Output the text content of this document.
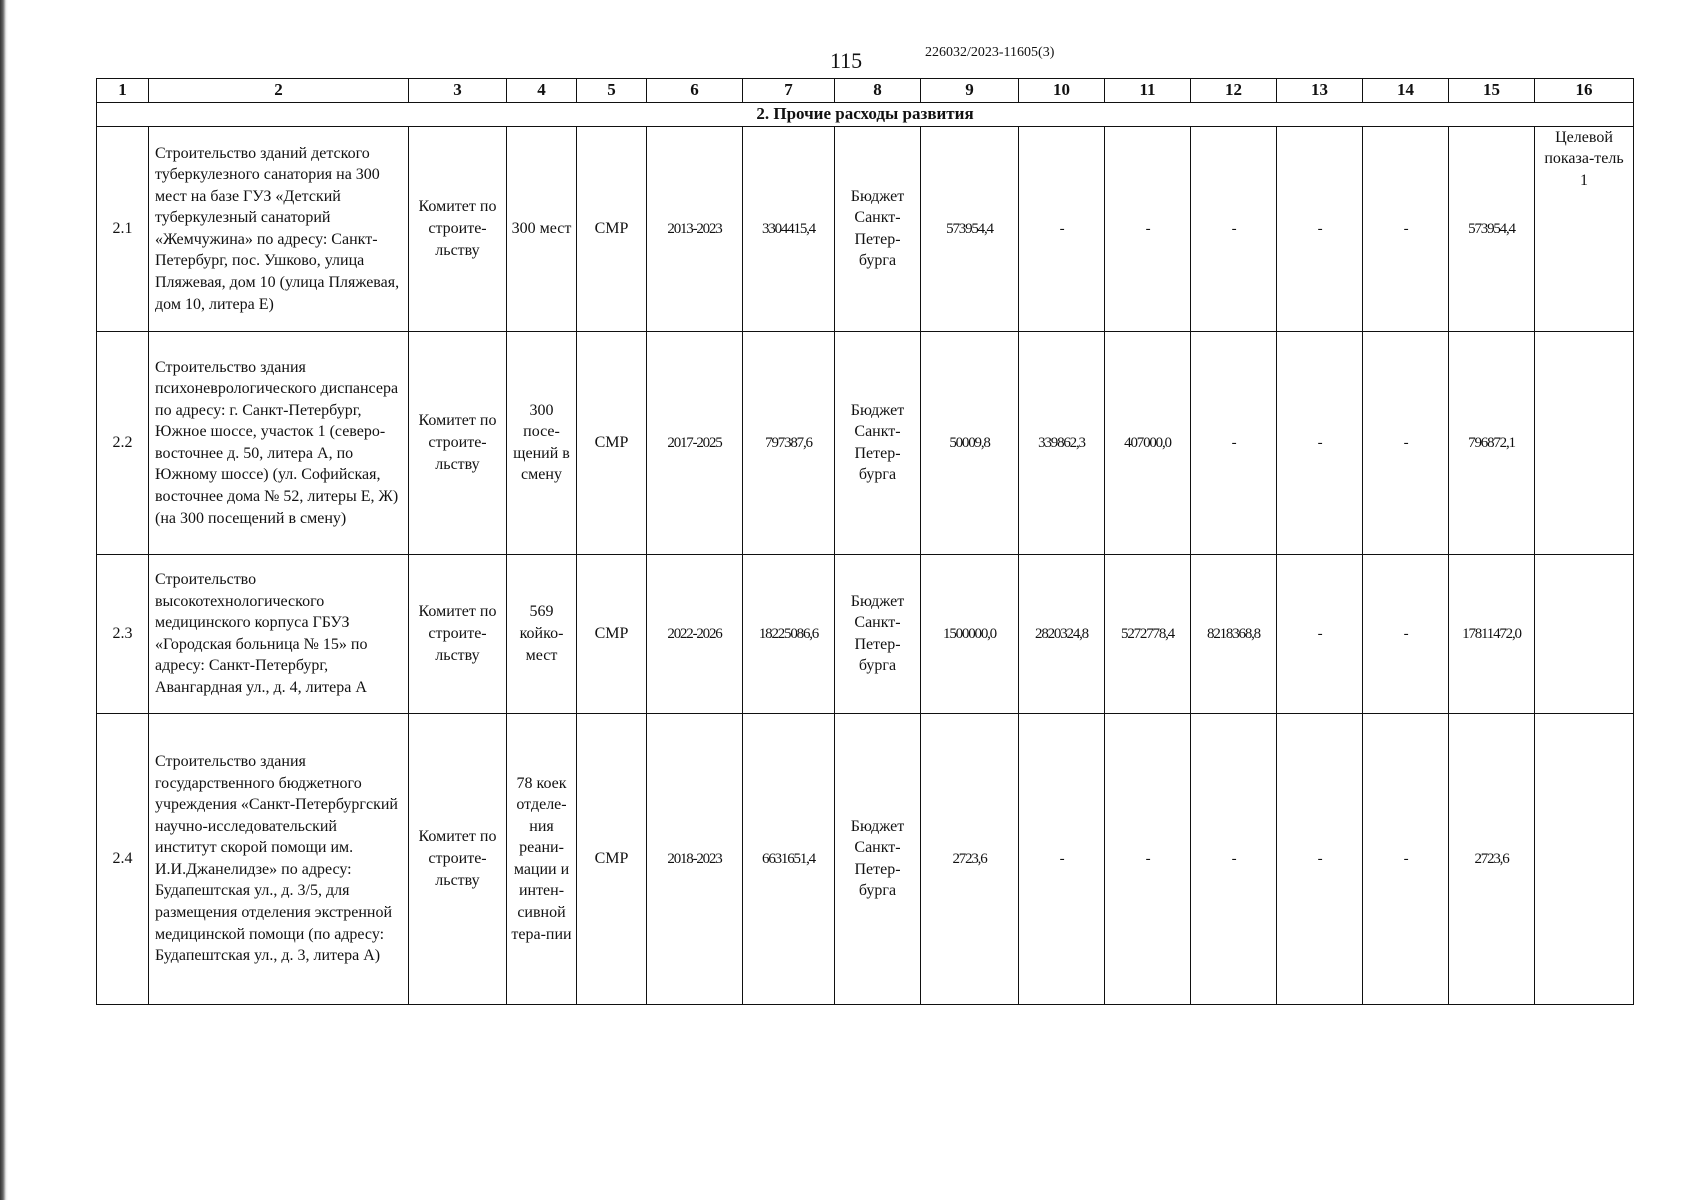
115	226032/2023-11605(3)
1	2	3	4	5	6	7	8	9	10	11	12	13	14	15	16
2. Прочие расходы развития															
2.1	Строительство зданий детского туберкулезного санатория на 300 мест на базе ГУЗ «Детский туберкулезный санаторий «Жемчужина» по адресу: Санкт-Петербург, пос. Ушково, улица Пляжевая, дом 10 (улица Пляжевая, дом 10, литера Е)	Комитет по строите-льству	300 мест	СМР	2013-2023	3304415,4	Бюджет Санкт-Петер-бурга	573954,4	-	-	-	-	-	573954,4	Целевой показа-тель 1
2.2	Строительство здания психоневрологического диспансера по адресу: г. Санкт-Петербург, Южное шоссе, участок 1 (северо-восточнее д. 50, литера А, по Южному шоссе) (ул. Софийская, восточнее дома № 52, литеры Е, Ж) (на 300 посещений в смену)	Комитет по строите-льству	300 посе-щений в смену	СМР	2017-2025	797387,6	Бюджет Санкт-Петер-бурга	50009,8	339862,3	407000,0	-	-	-	796872,1	
2.3	Строительство высокотехнологического медицинского корпуса ГБУЗ «Городская больница № 15» по адресу: Санкт-Петербург, Авангардная ул., д. 4, литера А	Комитет по строите-льству	569 койко-мест	СМР	2022-2026	18225086,6	Бюджет Санкт-Петер-бурга	1500000,0	2820324,8	5272778,4	8218368,8	-	-	17811472,0	
2.4	Строительство здания государственного бюджетного учреждения «Санкт-Петербургский научно-исследовательский институт скорой помощи им. И.И.Джанелидзе» по адресу: Будапештская ул., д. 3/5, для размещения отделения экстренной медицинской помощи (по адресу: Будапештская ул., д. 3, литера А)	Комитет по строите-льству	78 коек отделе-ния реани-мации и интен-сивной тера-пии	СМР	2018-2023	6631651,4	Бюджет Санкт-Петер-бурга	2723,6	-	-	-	-	-	2723,6	
